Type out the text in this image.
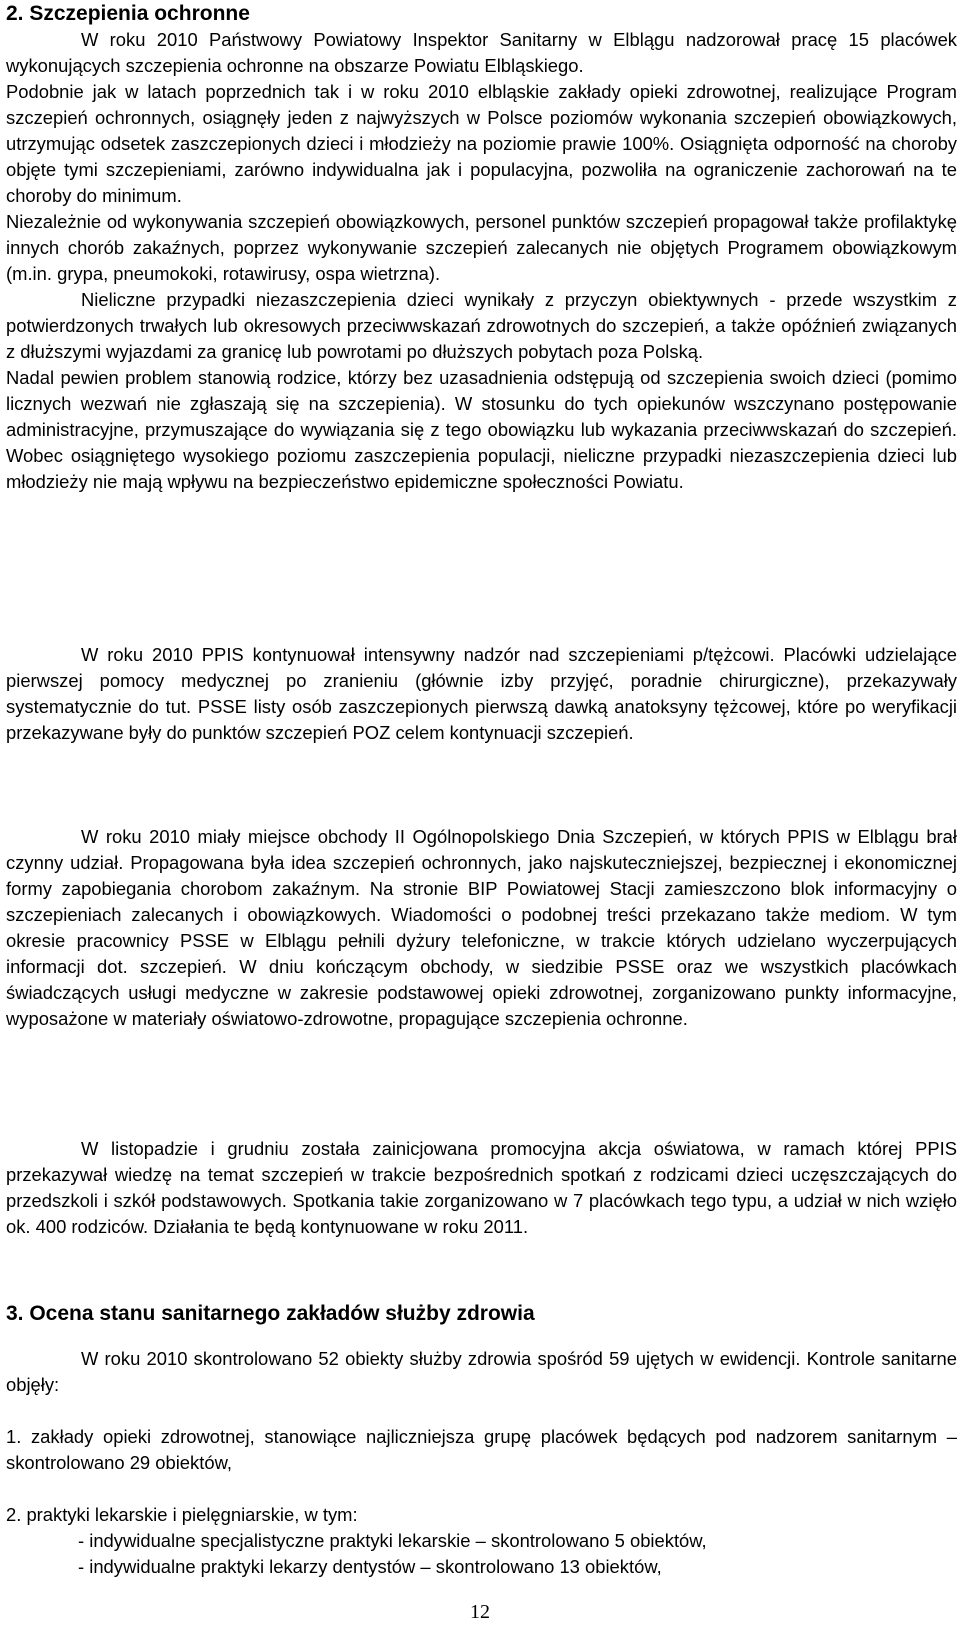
2. Szczepienia ochronne

W roku 2010 Państwowy Powiatowy Inspektor Sanitarny w Elblągu nadzorował pracę 15 placówek wykonujących szczepienia ochronne na obszarze Powiatu Elbląskiego.

Podobnie jak w latach poprzednich tak i w roku 2010 elbląskie zakłady opieki zdrowotnej, realizujące Program szczepień ochronnych, osiągnęły jeden z najwyższych w Polsce poziomów wykonania szczepień obowiązkowych, utrzymując odsetek zaszczepionych dzieci i młodzieży na poziomie prawie 100%. Osiągnięta odporność na choroby objęte tymi szczepieniami, zarówno indywidualna jak i populacyjna, pozwoliła na ograniczenie zachorowań na te choroby do minimum.

Niezależnie od wykonywania szczepień obowiązkowych, personel punktów szczepień propagował także profilaktykę innych chorób zakaźnych, poprzez wykonywanie szczepień zalecanych nie objętych Programem obowiązkowym (m.in. grypa, pneumokoki, rotawirusy, ospa wietrzna).

Nieliczne przypadki niezaszczepienia dzieci wynikały z przyczyn obiektywnych - przede wszystkim z potwierdzonych trwałych lub okresowych przeciwwskazań zdrowotnych do szczepień, a także opóźnień związanych z dłuższymi wyjazdami za granicę lub powrotami po dłuższych pobytach poza Polską.

Nadal pewien problem stanowią rodzice, którzy bez uzasadnienia odstępują od szczepienia swoich dzieci (pomimo licznych wezwań nie zgłaszają się na szczepienia). W stosunku do tych opiekunów wszczynano postępowanie administracyjne, przymuszające do wywiązania się z tego obowiązku lub wykazania przeciwwskazań do szczepień. Wobec osiągniętego wysokiego poziomu zaszczepienia populacji, nieliczne przypadki niezaszczepienia dzieci lub młodzieży nie mają wpływu na bezpieczeństwo epidemiczne społeczności Powiatu.

W roku 2010 PPIS kontynuował intensywny nadzór nad szczepieniami p/tężcowi. Placówki udzielające pierwszej pomocy medycznej po zranieniu (głównie izby przyjęć, poradnie chirurgiczne), przekazywały systematycznie do tut. PSSE listy osób zaszczepionych pierwszą dawką anatoksyny tężcowej, które po weryfikacji przekazywane były do punktów szczepień POZ celem kontynuacji szczepień.

W roku 2010 miały miejsce obchody II Ogólnopolskiego Dnia Szczepień, w których PPIS w Elblągu brał czynny udział. Propagowana była idea szczepień ochronnych, jako najskuteczniejszej, bezpiecznej i ekonomicznej formy zapobiegania chorobom zakaźnym. Na stronie BIP Powiatowej Stacji zamieszczono blok informacyjny o szczepieniach zalecanych i obowiązkowych. Wiadomości o podobnej treści przekazano także mediom. W tym okresie pracownicy PSSE w Elblągu pełnili dyżury telefoniczne, w trakcie których udzielano wyczerpujących informacji dot. szczepień. W dniu kończącym obchody, w siedzibie PSSE oraz we wszystkich placówkach świadczących usługi medyczne w zakresie podstawowej opieki zdrowotnej, zorganizowano punkty informacyjne, wyposażone w materiały oświatowo-zdrowotne, propagujące szczepienia ochronne.

W listopadzie i grudniu została zainicjowana promocyjna akcja oświatowa, w ramach której PPIS przekazywał wiedzę na temat szczepień w trakcie bezpośrednich spotkań z rodzicami dzieci uczęszczających do przedszkoli i szkół podstawowych. Spotkania takie zorganizowano w 7 placówkach tego typu, a udział w nich wzięło ok. 400 rodziców. Działania te będą kontynuowane w roku 2011.

3. Ocena stanu sanitarnego zakładów służby zdrowia

W roku 2010 skontrolowano 52 obiekty służby zdrowia spośród 59 ujętych w ewidencji. Kontrole sanitarne objęły:

1. zakłady opieki zdrowotnej, stanowiące najliczniejsza grupę placówek będących pod nadzorem sanitarnym – skontrolowano 29 obiektów,

2. praktyki lekarskie i pielęgniarskie, w tym:

- indywidualne specjalistyczne praktyki lekarskie – skontrolowano 5 obiektów,

- indywidualne praktyki lekarzy dentystów – skontrolowano 13 obiektów,

12
